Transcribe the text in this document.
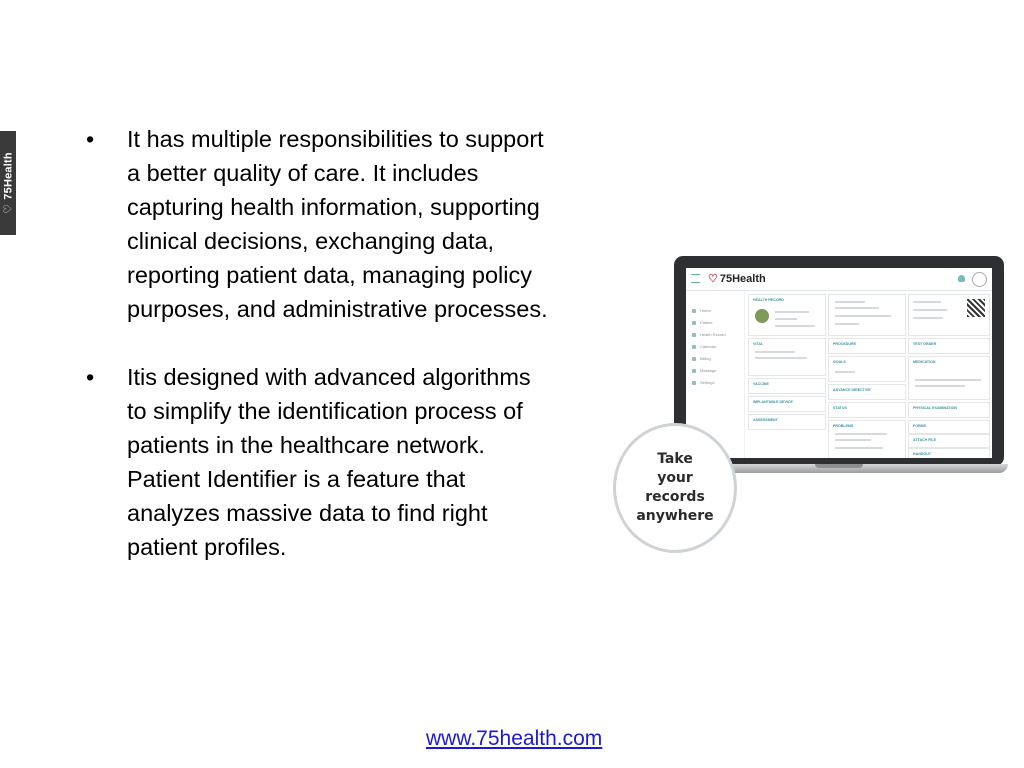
♡75Health
• It has multiple responsibilities to support a better quality of care. It includes capturing health information, supporting clinical decisions, exchanging data, reporting patient data, managing policy purposes, and administrative processes.
• Itis designed with advanced algorithms to simplify the identification process of patients in the healthcare network. Patient Identifier is a feature that analyzes massive data to find right patient profiles.
♡ 75Health
Home
Patient
Health Record
Calendar
Billing
Message
Settings
HEALTH RECORD
VITAL
VACCINE
IMPLANTABLE DEVICE
ASSESSMENT
PROCEDURE
GOALS
ADVANCE DIRECTIVE
STATUS
PROBLEMS
TEST ORDER
MEDICATION
PHYSICAL EXAMINATION
FORMS
ATTACH FILE
HANDOUT
Take
your
records
anywhere
www.75health.com
